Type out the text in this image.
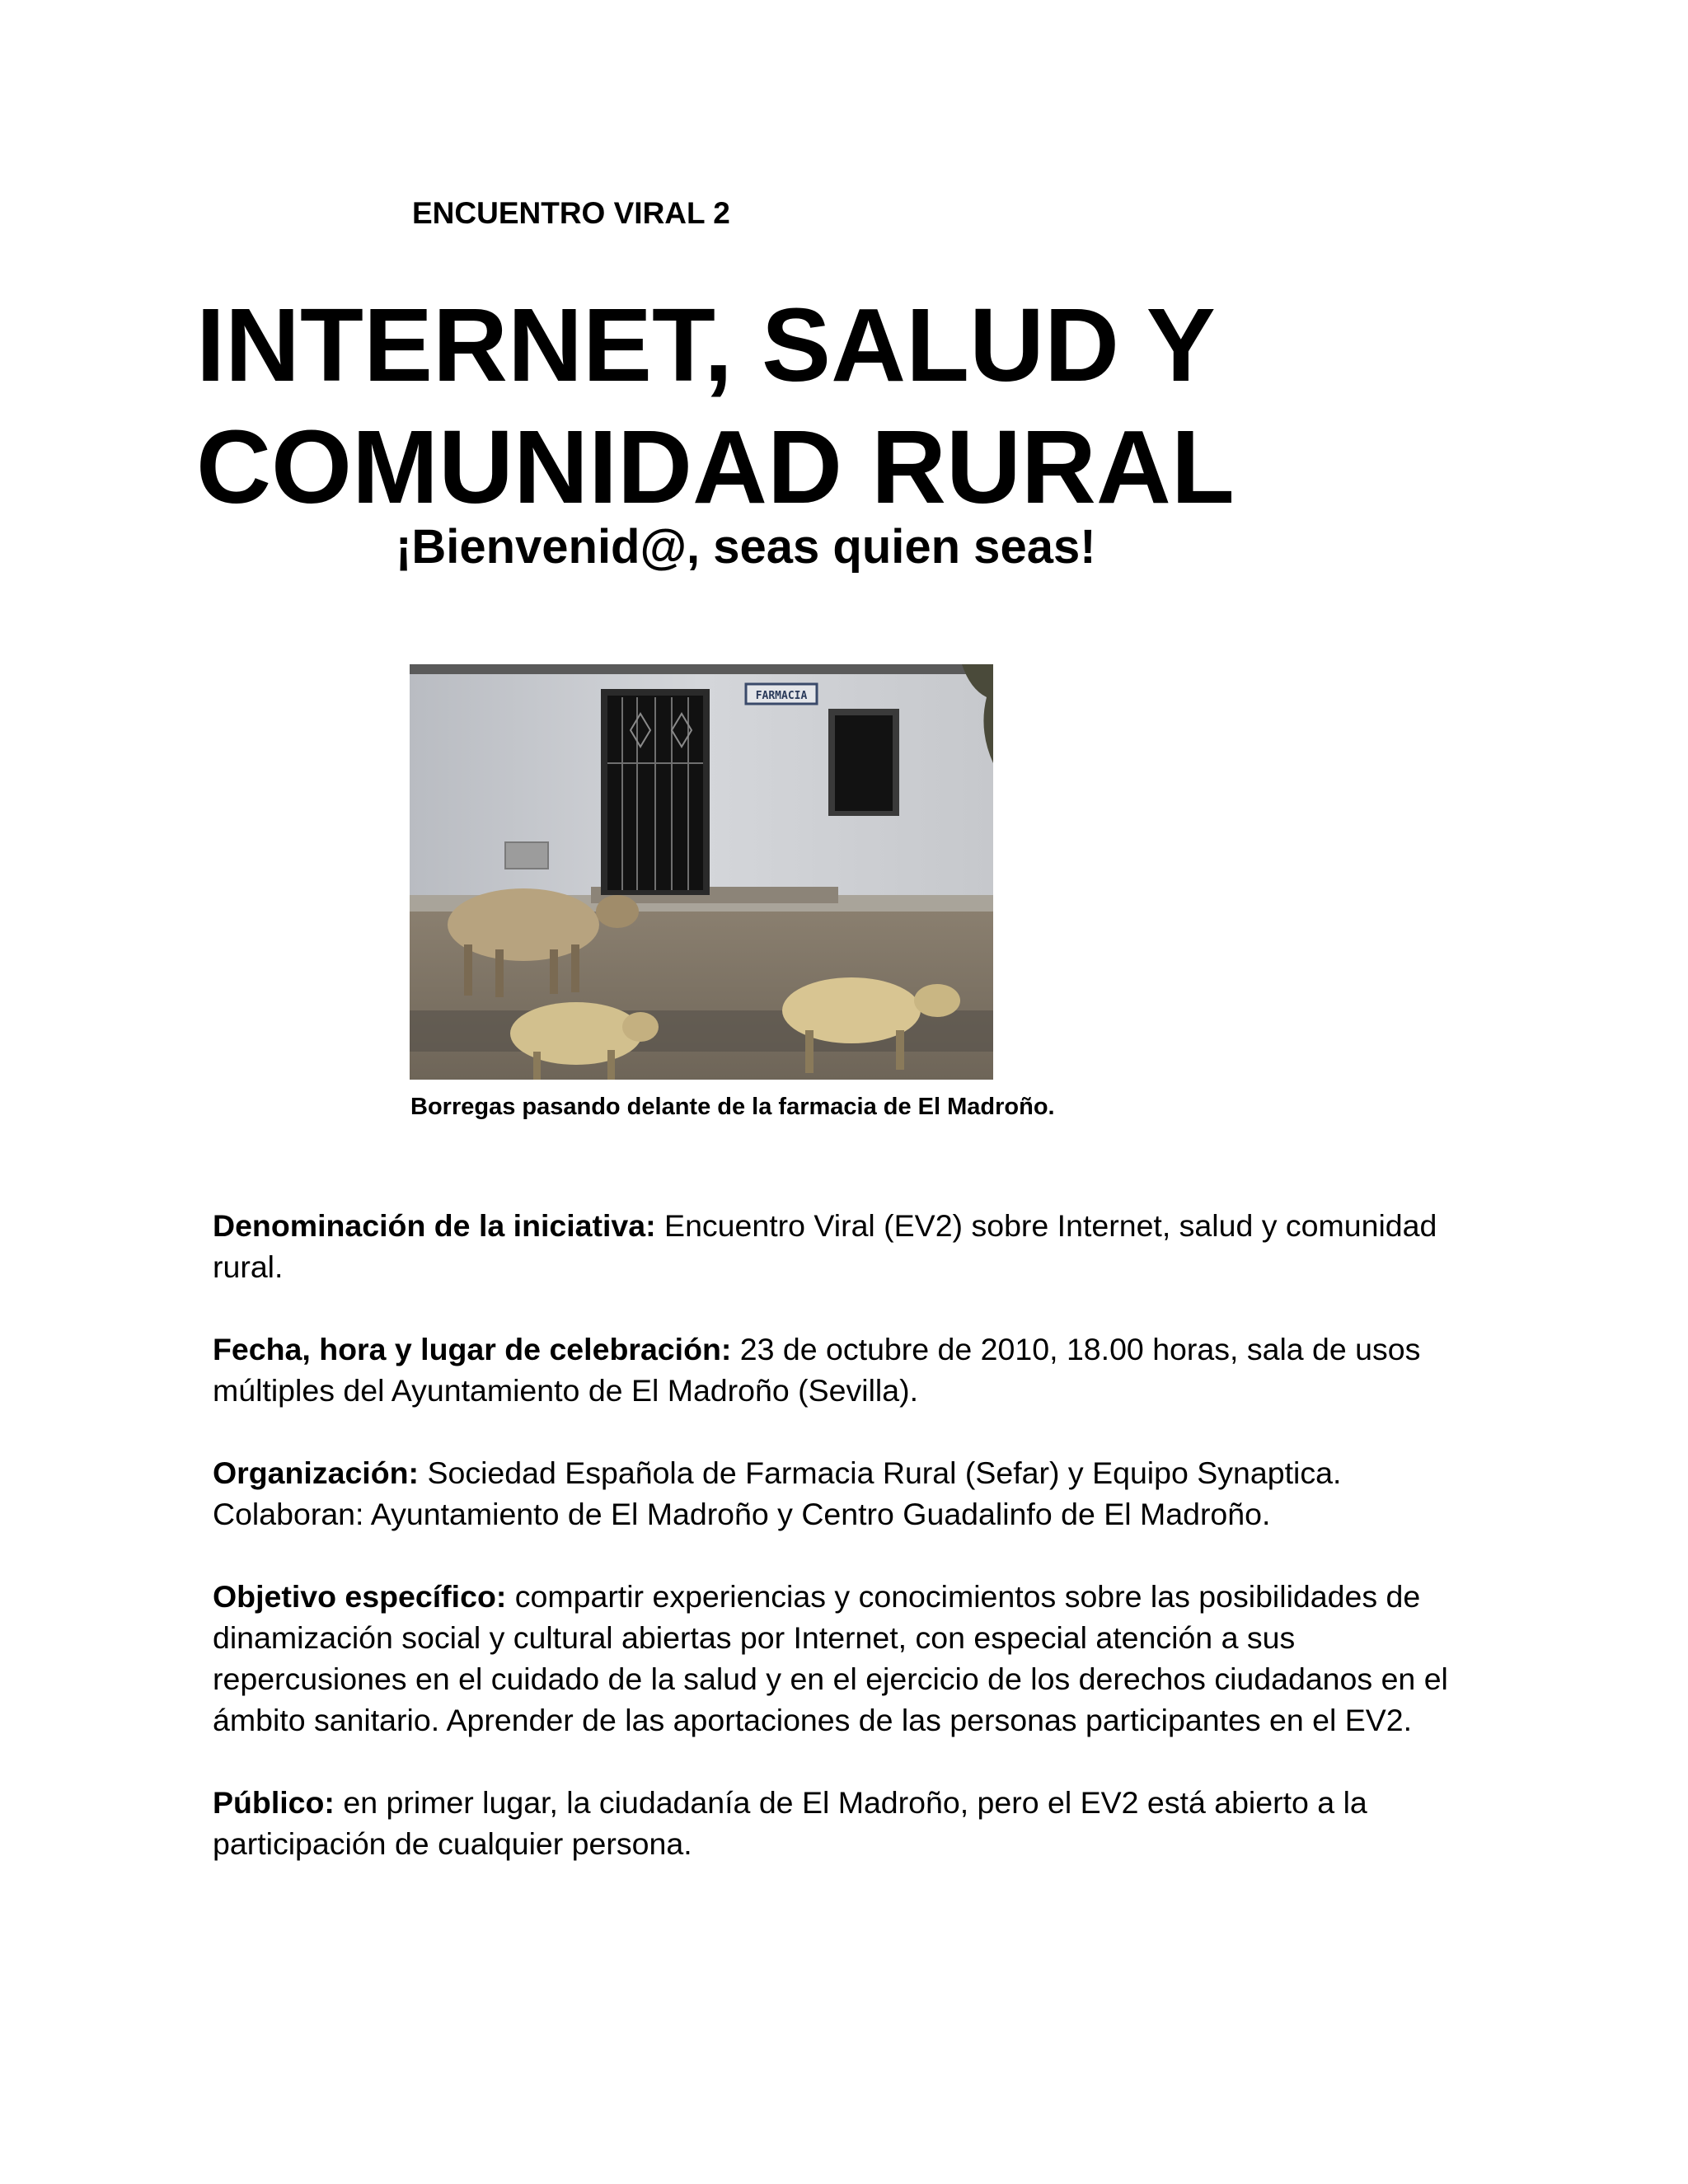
ENCUENTRO VIRAL 2

INTERNET, SALUD Y
COMUNIDAD RURAL

¡Bienvenid@, seas quien seas!

FARMACIA

Borregas pasando delante de la farmacia de El Madroño.

Denominación de la iniciativa: Encuentro Viral (EV2) sobre Internet, salud y comunidad rural.

Fecha, hora y lugar de celebración: 23 de octubre de 2010, 18.00 horas, sala de usos múltiples del Ayuntamiento de El Madroño (Sevilla).

Organización: Sociedad Española de Farmacia Rural (Sefar) y Equipo Synaptica. Colaboran: Ayuntamiento de El Madroño y Centro Guadalinfo de El Madroño.

Objetivo específico: compartir experiencias y conocimientos sobre las posibilidades de dinamización social y cultural abiertas por Internet, con especial atención a sus repercusiones en el cuidado de la salud y en el ejercicio de los derechos ciudadanos en el ámbito sanitario. Aprender de las aportaciones de las personas participantes en el EV2.

Público: en primer lugar, la ciudadanía de El Madroño, pero el EV2 está abierto a la participación de cualquier persona.
